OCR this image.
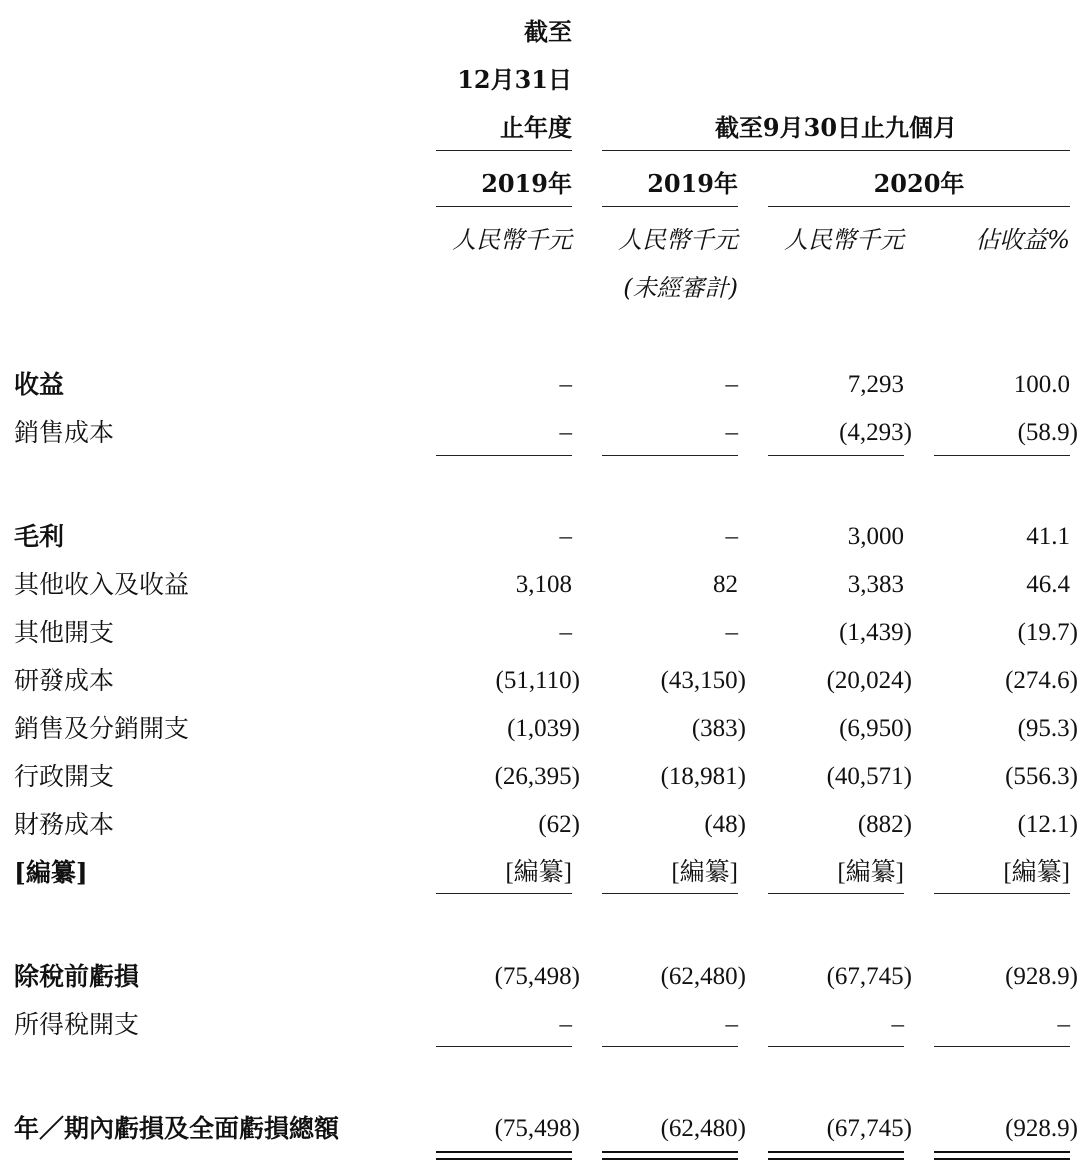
截至
12月31日
止年度	截至9月30日止九個月
2019年	2019年	2020年
人民幣千元	人民幣千元	人民幣千元	佔收益%
(未經審計)
收益	–	–	7,293	100.0
銷售成本	–	–	(4,293)	(58.9)
毛利	–	–	3,000	41.1
其他收入及收益	3,108	82	3,383	46.4
其他開支	–	–	(1,439)	(19.7)
研發成本	(51,110)	(43,150)	(20,024)	(274.6)
銷售及分銷開支	(1,039)	(383)	(6,950)	(95.3)
行政開支	(26,395)	(18,981)	(40,571)	(556.3)
財務成本	(62)	(48)	(882)	(12.1)
[編纂]	[編纂]	[編纂]	[編纂]	[編纂]
除稅前虧損	(75,498)	(62,480)	(67,745)	(928.9)
所得稅開支	–	–	–	–
年／期內虧損及全面虧損總額	(75,498)	(62,480)	(67,745)	(928.9)
